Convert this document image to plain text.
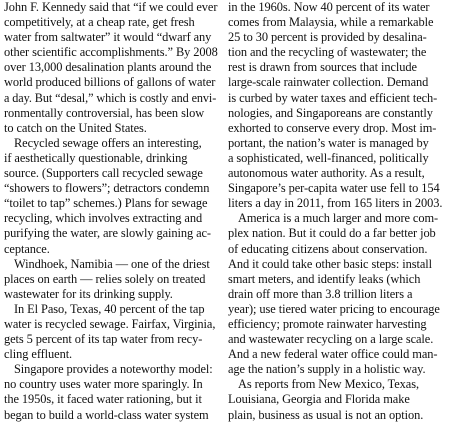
John F. Kennedy said that “if we could ever
competitively, at a cheap rate, get fresh
water from saltwater” it would “dwarf any
other scientific accomplishments.” By 2008
over 13,000 desalination plants around the
world produced billions of gallons of water
a day. But “desal,” which is costly and envi-
ronmentally controversial, has been slow
to catch on the United States.
Recycled sewage offers an interesting,
if aesthetically questionable, drinking
source. (Supporters call recycled sewage
“showers to flowers”; detractors condemn
“toilet to tap” schemes.) Plans for sewage
recycling, which involves extracting and
purifying the water, are slowly gaining ac-
ceptance.
Windhoek, Namibia — one of the driest
places on earth — relies solely on treated
wastewater for its drinking supply.
In El Paso, Texas, 40 percent of the tap
water is recycled sewage. Fairfax, Virginia,
gets 5 percent of its tap water from recy-
cling effluent.
Singapore provides a noteworthy model:
no country uses water more sparingly. In
the 1950s, it faced water rationing, but it
began to build a world-class water system
in the 1960s. Now 40 percent of its water
comes from Malaysia, while a remarkable
25 to 30 percent is provided by desalina-
tion and the recycling of wastewater; the
rest is drawn from sources that include
large-scale rainwater collection. Demand
is curbed by water taxes and efficient tech-
nologies, and Singaporeans are constantly
exhorted to conserve every drop. Most im-
portant, the nation’s water is managed by
a sophisticated, well-financed, politically
autonomous water authority. As a result,
Singapore’s per-capita water use fell to 154
liters a day in 2011, from 165 liters in 2003.
America is a much larger and more com-
plex nation. But it could do a far better job
of educating citizens about conservation.
And it could take other basic steps: install
smart meters, and identify leaks (which
drain off more than 3.8 trillion liters a
year); use tiered water pricing to encourage
efficiency; promote rainwater harvesting
and wastewater recycling on a large scale.
And a new federal water office could man-
age the nation’s supply in a holistic way.
As reports from New Mexico, Texas,
Louisiana, Georgia and Florida make
plain, business as usual is not an option.
